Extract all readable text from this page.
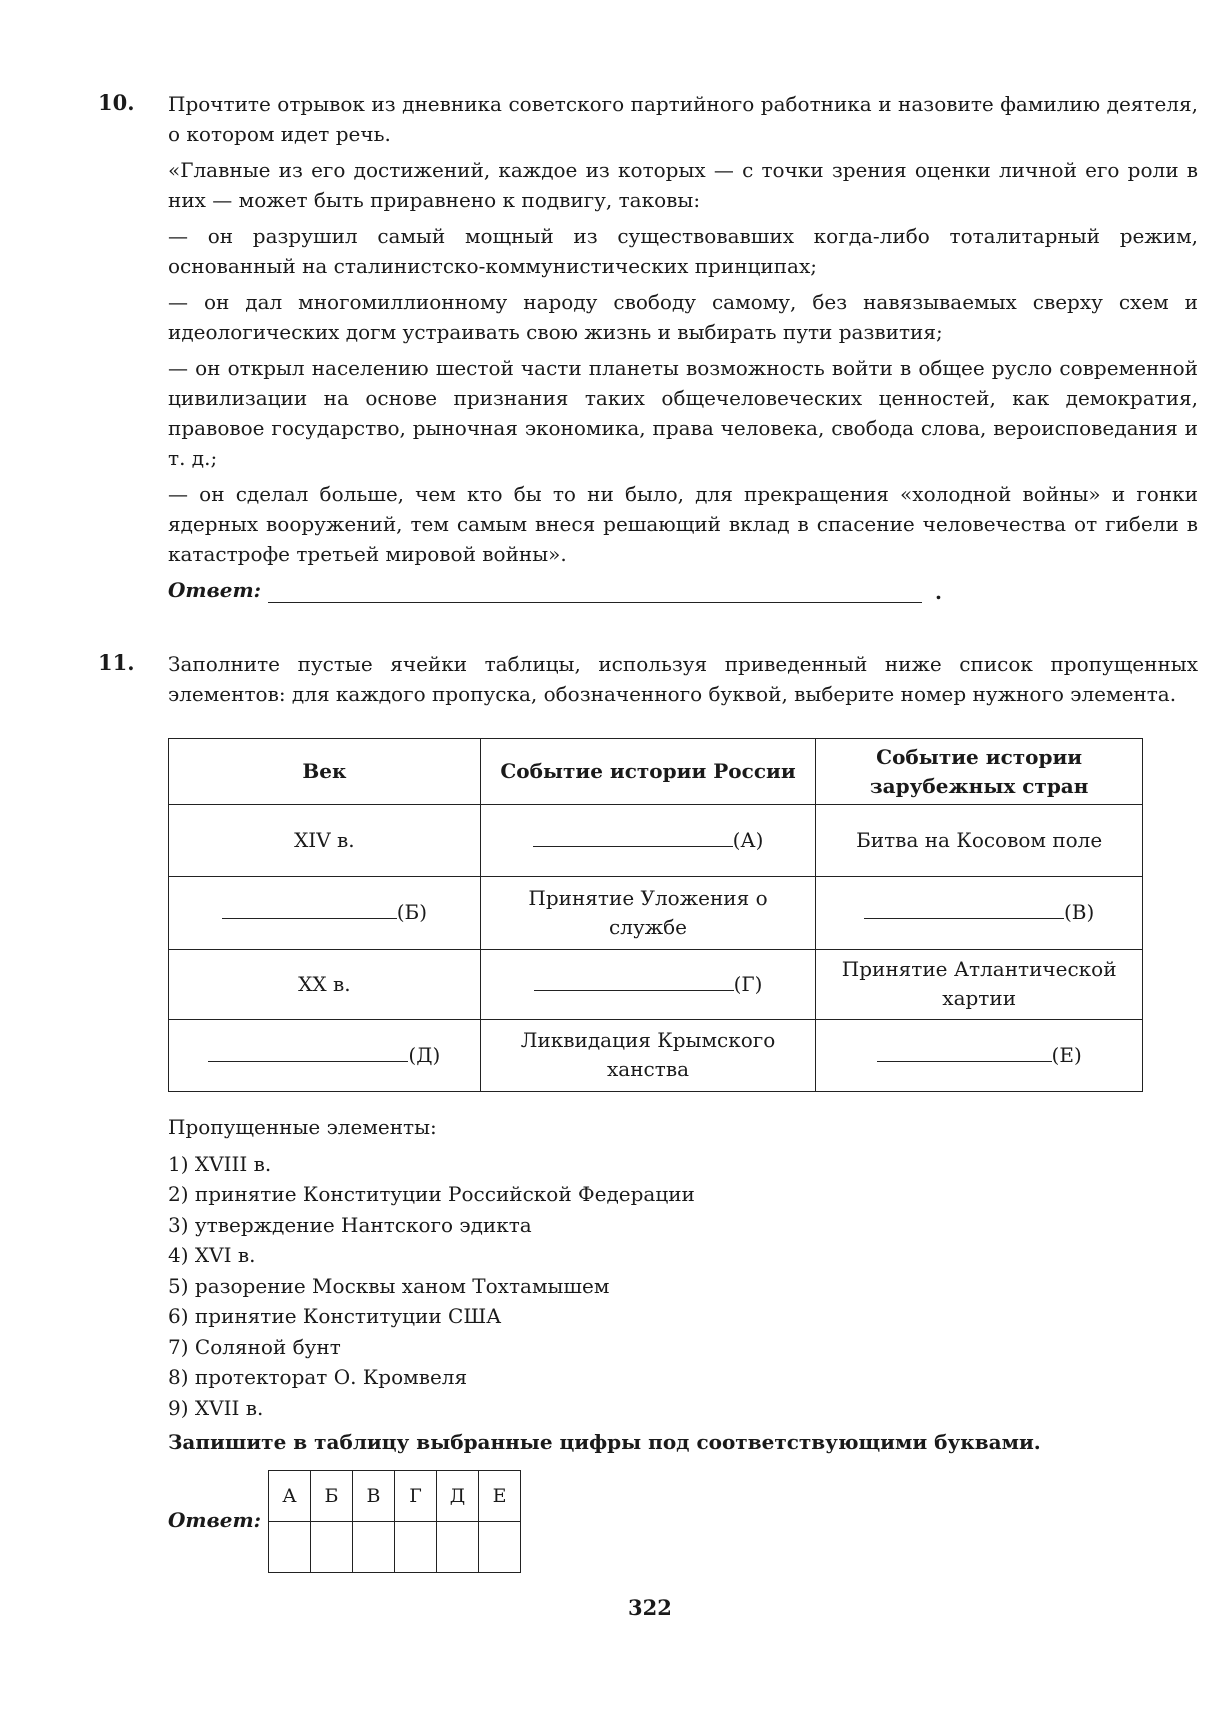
10. Прочтите отрывок из дневника советского партийного работника и назовите фамилию деятеля, о котором идет речь.

«Главные из его достижений, каждое из которых — с точки зрения оценки личной его роли в них — может быть приравнено к подвигу, таковы:

— он разрушил самый мощный из существовавших когда-либо тоталитарный режим, основанный на сталинистско-коммунистических принципах;

— он дал многомиллионному народу свободу самому, без навязываемых сверху схем и идеологических догм устраивать свою жизнь и выбирать пути развития;

— он открыл населению шестой части планеты возможность войти в общее русло современной цивилизации на основе признания таких общечеловеческих ценностей, как демократия, правовое государство, рыночная экономика, права человека, свобода слова, вероисповедания и т. д.;

— он сделал больше, чем кто бы то ни было, для прекращения «холодной войны» и гонки ядерных вооружений, тем самым внеся решающий вклад в спасение человечества от гибели в катастрофе третьей мировой войны».

Ответ:	.
11. Заполните пустые ячейки таблицы, используя приведенный ниже список пропущенных элементов: для каждого пропуска, обозначенного буквой, выберите номер нужного элемента.

Век	Событие истории России	Событие истории зарубежных стран
XIV в.	(А)	Битва на Косовом поле
(Б)	Принятие Уложения о службе	(В)
XX в.	(Г)	Принятие Атлантической хартии
(Д)	Ликвидация Крымского ханства	(Е)
Пропущенные элементы:
1) XVIII в.
2) принятие Конституции Российской Федерации
3) утверждение Нантского эдикта
4) XVI в.
5) разорение Москвы ханом Тохтамышем
6) принятие Конституции США
7) Соляной бунт
8) протекторат О. Кромвеля
9) XVII в.
Запишите в таблицу выбранные цифры под соответствующими буквами.
Ответ:
А	Б	В	Г	Д	Е

322
